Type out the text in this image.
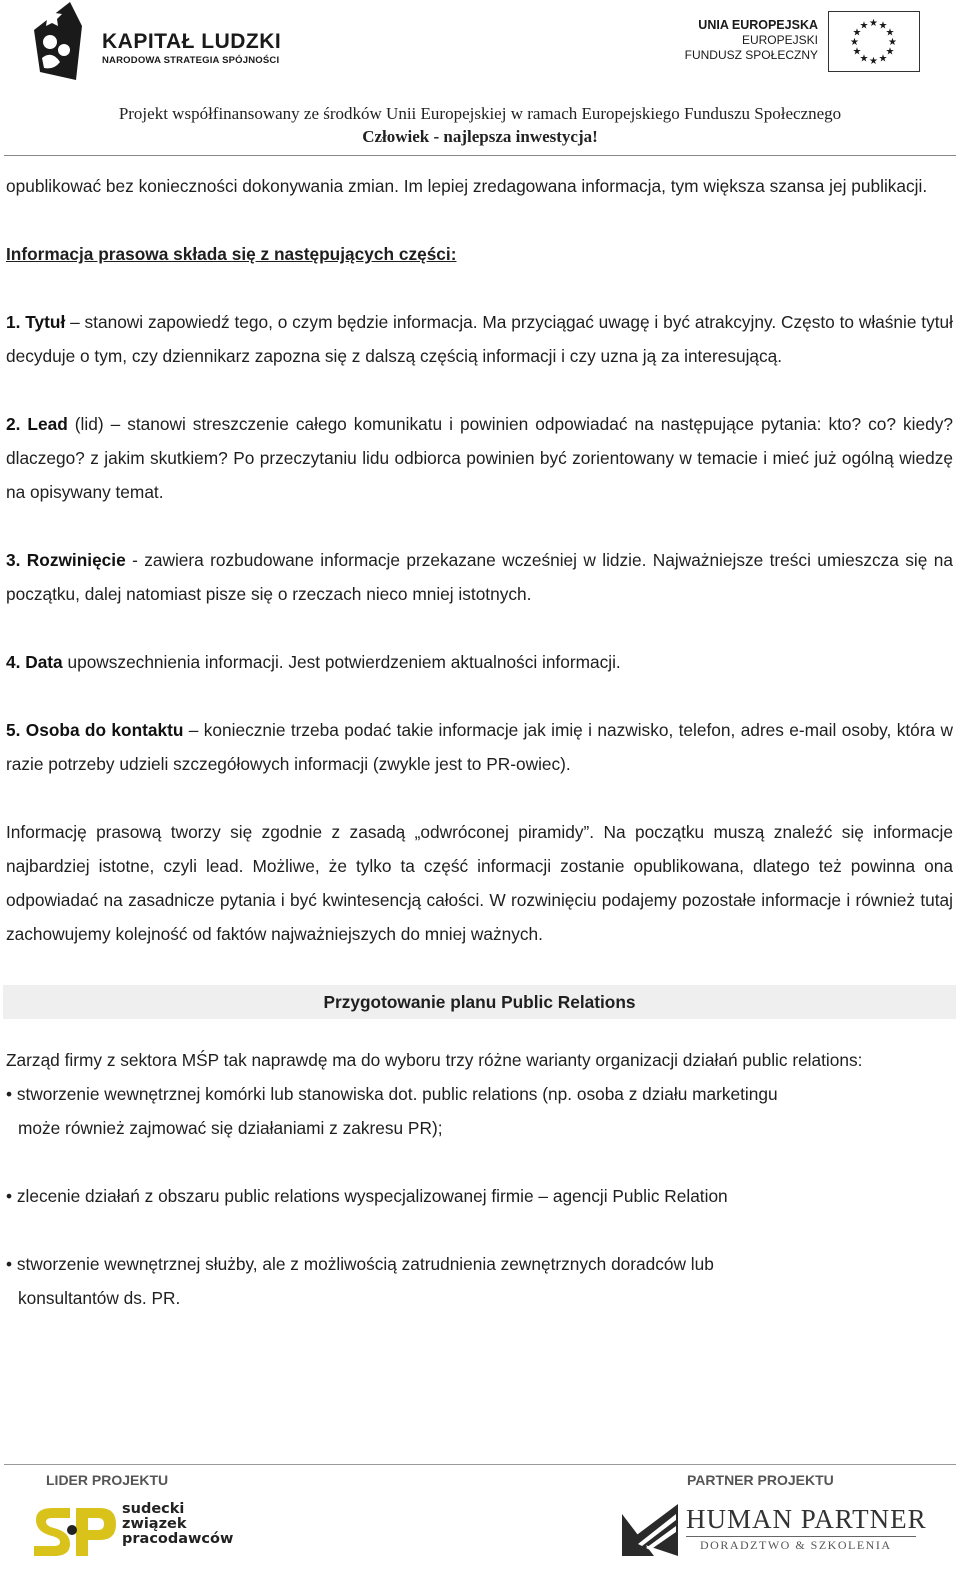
KAPITAŁ LUDZKI
NARODOWA STRATEGIA SPÓJNOŚCI
UNIA EUROPEJSKA
EUROPEJSKI
FUNDUSZ SPOŁECZNY
★ ★
★
★
★
★
★
★
★
★
★
★
Projekt współfinansowany ze środków Unii Europejskiej w ramach Europejskiego Funduszu Społecznego
Człowiek - najlepsza inwestycja!

opublikować bez konieczności dokonywania zmian. Im lepiej zredagowana informacja, tym większa szansa jej publikacji.

Informacja prasowa składa się z następujących części:

1. Tytuł – stanowi zapowiedź tego, o czym będzie informacja. Ma przyciągać uwagę i być atrakcyjny. Często to właśnie tytuł decyduje o tym, czy dziennikarz zapozna się z dalszą częścią informacji i czy uzna ją za interesującą.

2. Lead (lid) – stanowi streszczenie całego komunikatu i powinien odpowiadać na następujące pytania: kto? co? kiedy? dlaczego? z jakim skutkiem? Po przeczytaniu lidu odbiorca powinien być zorientowany w temacie i mieć już ogólną wiedzę na opisywany temat.

3. Rozwinięcie - zawiera rozbudowane informacje przekazane wcześniej w lidzie. Najważniejsze treści umieszcza się na początku, dalej natomiast pisze się o rzeczach nieco mniej istotnych.

4. Data upowszechnienia informacji. Jest potwierdzeniem aktualności informacji.

5. Osoba do kontaktu – koniecznie trzeba podać takie informacje jak imię i nazwisko, telefon, adres e-mail osoby, która w razie potrzeby udzieli szczegółowych informacji (zwykle jest to PR-owiec).

Informację prasową tworzy się zgodnie z zasadą „odwróconej piramidy”. Na początku muszą znaleźć się informacje najbardziej istotne, czyli lead. Możliwe, że tylko ta część informacji zostanie opublikowana, dlatego też powinna ona odpowiadać na zasadnicze pytania i być kwintesencją całości. W rozwinięciu podajemy pozostałe informacje i również tutaj zachowujemy kolejność od faktów najważniejszych do mniej ważnych.

Przygotowanie planu Public Relations

Zarząd firmy z sektora MŚP tak naprawdę ma do wyboru trzy różne warianty organizacji działań public relations:

• stworzenie wewnętrznej komórki lub stanowiska dot. public relations (np. osoba z działu marketingu
może również zajmować się działaniami z zakresu PR);

• zlecenie działań z obszaru public relations wyspecjalizowanej firmie – agencji Public Relation

• stworzenie wewnętrznej służby, ale z możliwością zatrudnienia zewnętrznych doradców lub
konsultantów ds. PR.

LIDER PROJEKTU	PARTNER PROJEKTU
sudecki
związek
pracodawców
HUMAN PARTNER
DORADZTWO & SZKOLENIA
